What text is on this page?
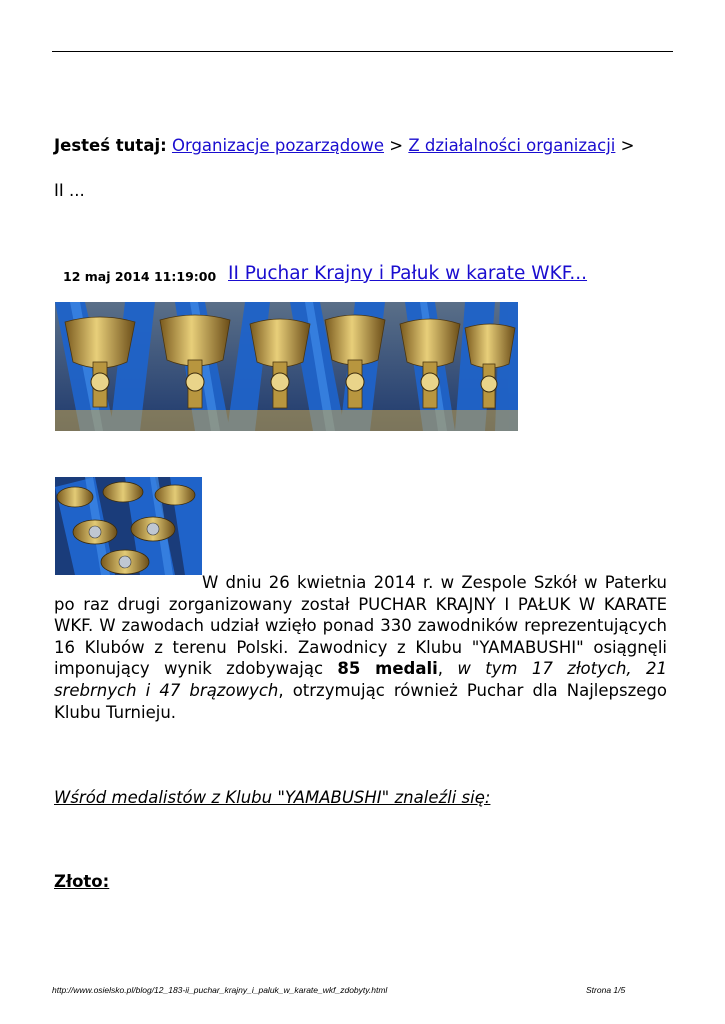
Jesteś tutaj: Organizacje pozarządowe > Z działalności organizacji >
II ...
12 maj 2014 11:19:00 II Puchar Krajny i Pałuk w karate WKF...
W dniu 26 kwietnia 2014 r. w Zespole Szkół w Paterku po raz drugi zorganizowany został PUCHAR KRAJNY I PAŁUK W KARATE WKF. W zawodach udział wzięło ponad 330 zawodników reprezentujących 16 Klubów z terenu Polski. Zawodnicy z Klubu "YAMABUSHI" osiągnęli imponujący wynik zdobywając 85 medali, w tym 17 złotych, 21 srebrnych i 47 brązowych, otrzymując również Puchar dla Najlepszego Klubu Turnieju.
Wśród medalistów z Klubu "YAMABUSHI" znaleźli się:
Złoto:
http://www.osielsko.pl/blog/12_183-ii_puchar_krajny_i_paluk_w_karate_wkf_zdobyty.html	Strona 1/5
